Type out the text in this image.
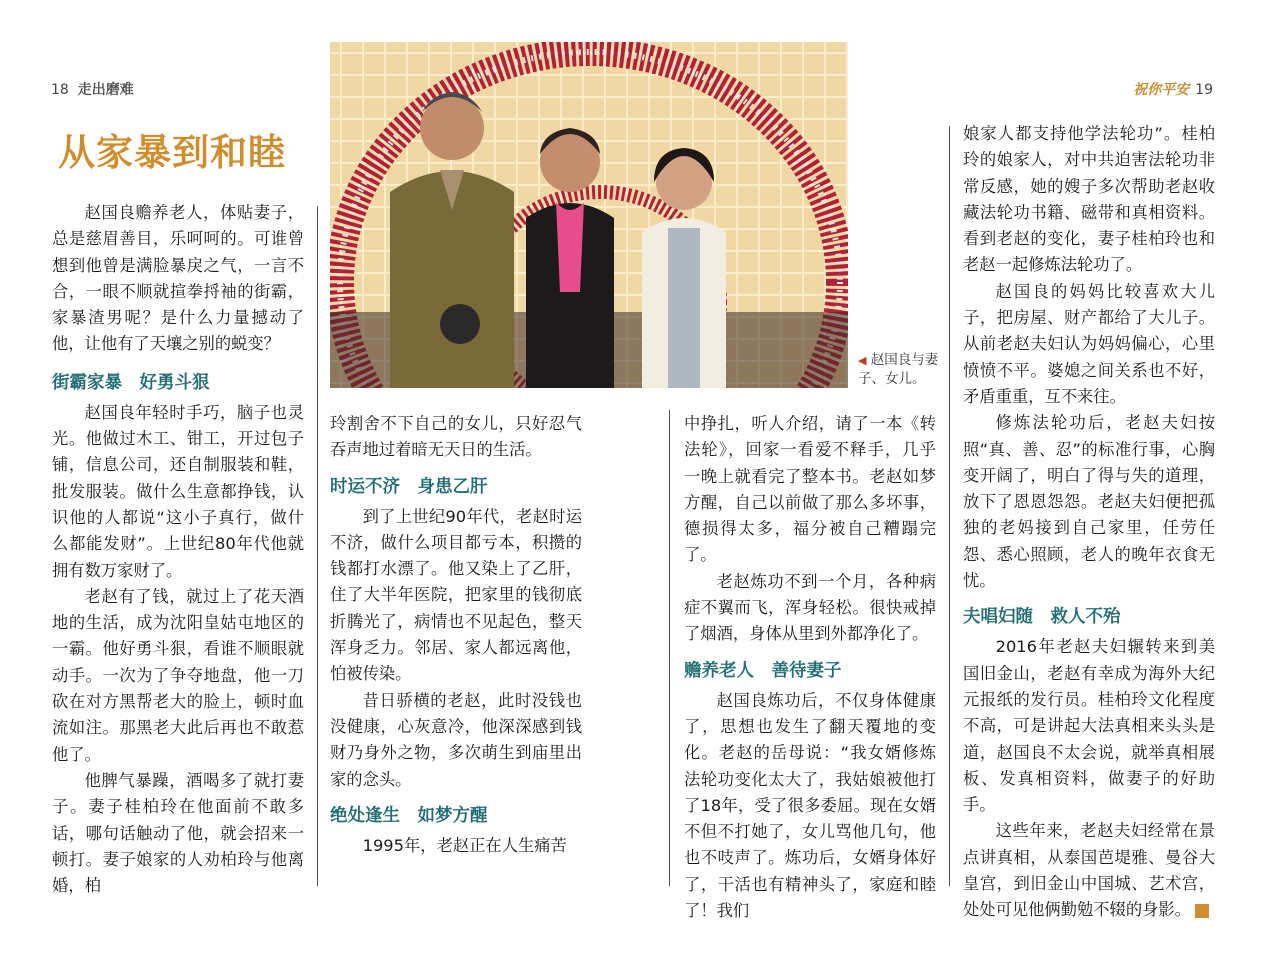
18 走出磨难	祝你平安 19
从家暴到和睦
◀ 赵国良与妻子、女儿。

赵国良赡养老人，体贴妻子，总是慈眉善目，乐呵呵的。可谁曾想到他曾是满脸暴戾之气，一言不合，一眼不顺就揎拳捋袖的街霸，家暴渣男呢？是什么力量撼动了他，让他有了天壤之别的蜕变？

街霸家暴　好勇斗狠

赵国良年轻时手巧，脑子也灵光。他做过木工、钳工，开过包子铺，信息公司，还自制服装和鞋，批发服装。做什么生意都挣钱，认识他的人都说“这小子真行，做什么都能发财”。上世纪80年代他就拥有数万家财了。

老赵有了钱，就过上了花天酒地的生活，成为沈阳皇姑屯地区的一霸。他好勇斗狠，看谁不顺眼就动手。一次为了争夺地盘，他一刀砍在对方黑帮老大的脸上，顿时血流如注。那黑老大此后再也不敢惹他了。

他脾气暴躁，酒喝多了就打妻子。妻子桂柏玲在他面前不敢多话，哪句话触动了他，就会招来一顿打。妻子娘家的人劝柏玲与他离婚，柏

玲割舍不下自己的女儿，只好忍气吞声地过着暗无天日的生活。

时运不济　身患乙肝

到了上世纪90年代，老赵时运不济，做什么项目都亏本，积攒的钱都打水漂了。他又染上了乙肝，住了大半年医院，把家里的钱彻底折腾光了，病情也不见起色，整天浑身乏力。邻居、家人都远离他，怕被传染。

昔日骄横的老赵，此时没钱也没健康，心灰意冷，他深深感到钱财乃身外之物，多次萌生到庙里出家的念头。

绝处逢生　如梦方醒

1995年，老赵正在人生痛苦

中挣扎，听人介绍，请了一本《转法轮》，回家一看爱不释手，几乎一晚上就看完了整本书。老赵如梦方醒，自己以前做了那么多坏事，德损得太多，福分被自己糟蹋完了。

老赵炼功不到一个月，各种病症不翼而飞，浑身轻松。很快戒掉了烟酒，身体从里到外都净化了。

赡养老人　善待妻子

赵国良炼功后，不仅身体健康了，思想也发生了翻天覆地的变化。老赵的岳母说：“我女婿修炼法轮功变化太大了，我姑娘被他打了18年，受了很多委屈。现在女婿不但不打她了，女儿骂他几句，他也不吱声了。炼功后，女婿身体好了，干活也有精神头了，家庭和睦了！我们

娘家人都支持他学法轮功”。桂柏玲的娘家人，对中共迫害法轮功非常反感，她的嫂子多次帮助老赵收藏法轮功书籍、磁带和真相资料。看到老赵的变化，妻子桂柏玲也和老赵一起修炼法轮功了。

赵国良的妈妈比较喜欢大儿子，把房屋、财产都给了大儿子。从前老赵夫妇认为妈妈偏心，心里愤愤不平。婆媳之间关系也不好，矛盾重重，互不来往。

修炼法轮功后，老赵夫妇按照“真、善、忍”的标准行事，心胸变开阔了，明白了得与失的道理，放下了恩恩怨怨。老赵夫妇便把孤独的老妈接到自己家里，任劳任怨、悉心照顾，老人的晚年衣食无忧。

夫唱妇随　救人不殆

2016年老赵夫妇辗转来到美国旧金山，老赵有幸成为海外大纪元报纸的发行员。桂柏玲文化程度不高，可是讲起大法真相来头头是道，赵国良不太会说，就举真相展板、发真相资料，做妻子的好助手。

这些年来，老赵夫妇经常在景点讲真相，从泰国芭堤雅、曼谷大皇宫，到旧金山中国城、艺术宫，处处可见他俩勤勉不辍的身影。	安
